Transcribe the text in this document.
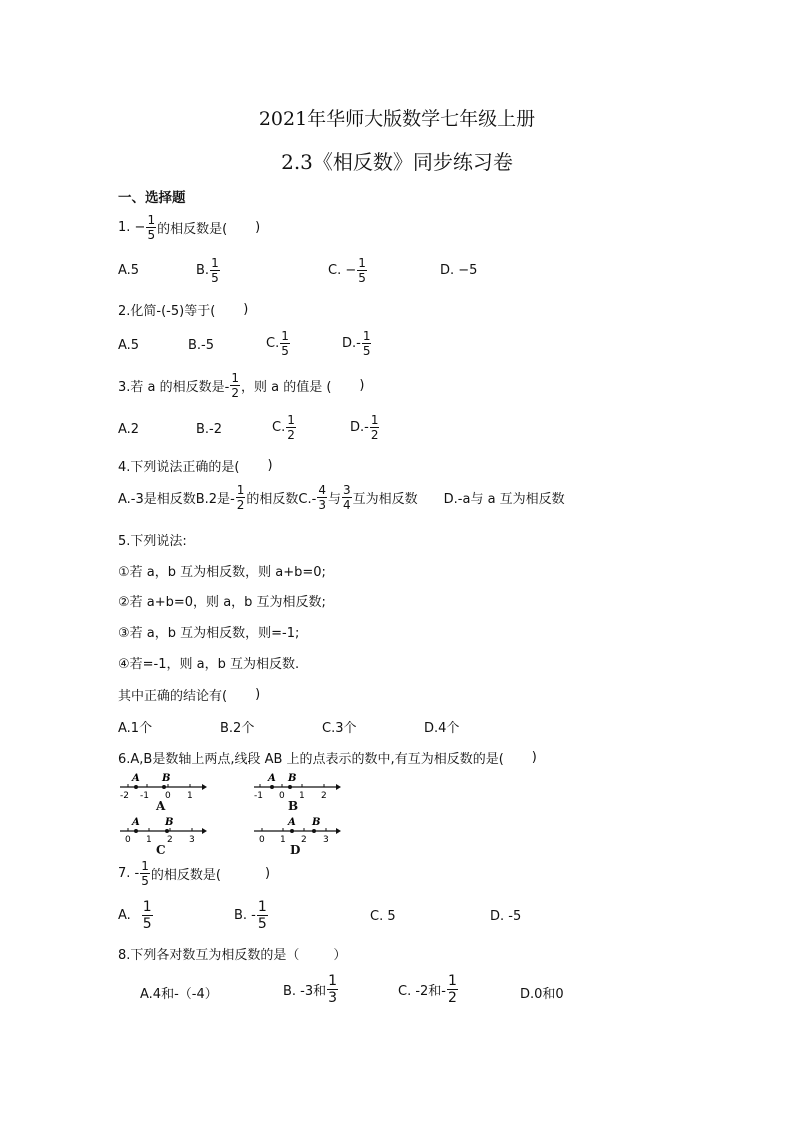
2021年华师大版数学七年级上册
2.3《相反数》同步练习卷
一、选择题
1. − $\frac{1}{5}$ 的相反数是( )
A.5	B. $\frac{1}{5}$	C. − $\frac{1}{5}$	D. −5
2.化简-(-5)等于( )
A.5	B.-5	C. $\frac{1}{5}$	$D.- \frac{1}{5}$
3.若 a 的相反数是- $\frac{1}{2}$ ，则 a 的值是 ( )
A.2	B.-2	C. $\frac{1}{2}$	$D.- \frac{1}{2}$
4.下列说法正确的是( )
A.-3是相反数B.2是- $\frac{1}{2}$ 的相反数$C.- \frac{4}{3}$ 与 $\frac{3}{4}$ 互为相反数 D.-a与 a 互为相反数
5.下列说法:
①若 a，b 互为相反数，则 a+b=0;
②若 a+b=0，则 a，b 互为相反数;
③若 a，b 互为相反数，则=-1;
④若=-1，则 a，b 互为相反数.
其中正确的结论有( )
A.1个	B.2个	C.3个	D.4个
6.A,B是数轴上两点,线段 AB 上的点表示的数中,有互为相反数的是( )
A B
-2 -1 0 1
A
A B
-1 0 1 2
B
A	B
0 1 2 3
C
A B
0 1 2 3
D
7. - $\frac{1}{5}$ 的相反数是(	)
A. $\frac{1}{5}$	B. - $\frac{1}{5}$	C. 5	D. -5
8.下列各对数互为相反数的是（	）
A.4和-（-4）	B. -3和 $\frac{1}{3}$	C. -2和- $\frac{1}{2}$	D.0和0
